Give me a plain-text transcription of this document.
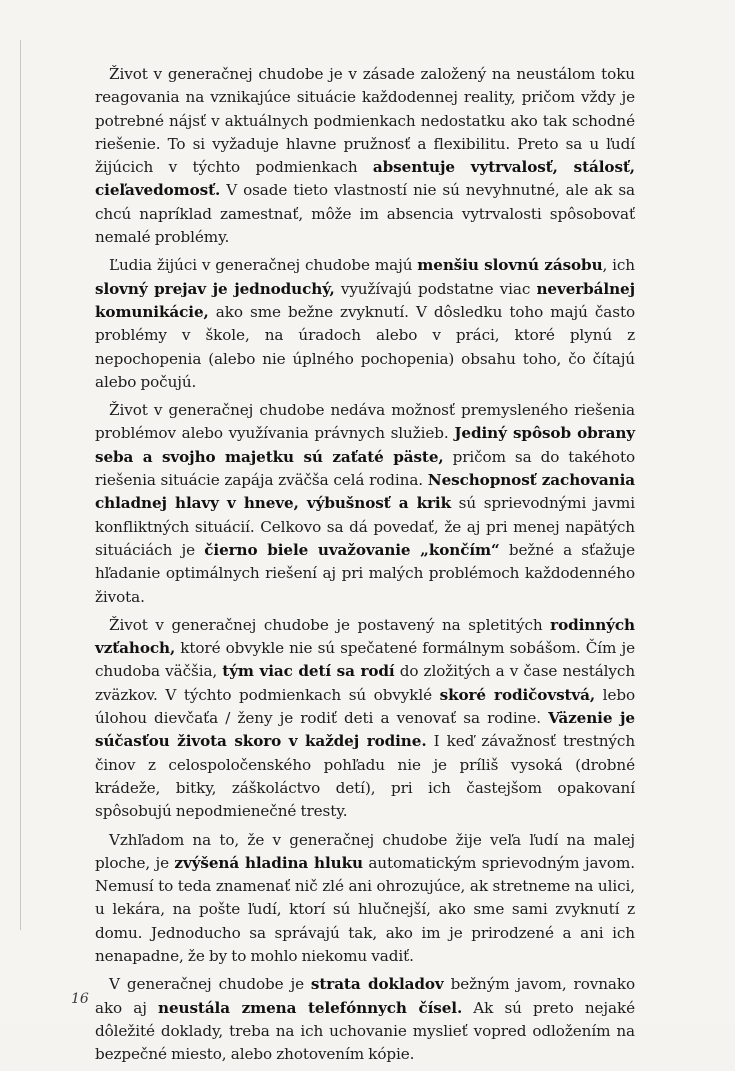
Život v generačnej chudobe je v zásade založený na neustálom toku reagovania na vznikajúce situácie každodennej reality, pričom vždy je potrebné nájsť v aktuálnych podmienkach nedostatku ako tak schodné riešenie. To si vyžaduje hlavne pružnosť a flexibilitu. Preto sa u ľudí žijúcich v týchto podmienkach absentuje vytrvalosť, stálosť, cieľavedomosť. V osade tieto vlastností nie sú nevyhnutné, ale ak sa chcú napríklad zamestnať, môže im absencia vytrvalosti spôsobovať nemalé problémy.

Ľudia žijúci v generačnej chudobe majú menšiu slovnú zásobu, ich slovný prejav je jednoduchý, využívajú podstatne viac neverbálnej komunikácie, ako sme bežne zvyknutí. V dôsledku toho majú často problémy v škole, na úradoch alebo v práci, ktoré plynú z nepochopenia (alebo nie úplného pochopenia) obsahu toho, čo čítajú alebo počujú.

Život v generačnej chudobe nedáva možnosť premysleného riešenia problémov alebo využívania právnych služieb. Jediný spôsob obrany seba a svojho majetku sú zaťaté päste, pričom sa do takéhoto riešenia situácie zapája zväčša celá rodina. Neschopnosť zachovania chladnej hlavy v hneve, výbušnosť a krik sú sprievodnými javmi konfliktných situácií. Celkovo sa dá povedať, že aj pri menej napätých situáciách je čierno biele uvažovanie „končím“ bežné a sťažuje hľadanie optimálnych riešení aj pri malých problémoch každodenného života.

Život v generačnej chudobe je postavený na spletitých rodinných vzťahoch, ktoré obvykle nie sú spečatené formálnym sobášom. Čím je chudoba väčšia, tým viac detí sa rodí do zložitých a v čase nestálych zväzkov. V týchto podmienkach sú obvyklé skoré rodičovstvá, lebo úlohou dievčaťa / ženy je rodiť deti a venovať sa rodine. Väzenie je súčasťou života skoro v každej rodine. I keď závažnosť trestných činov z celospoločenského pohľadu nie je príliš vysoká (drobné krádeže, bitky, záškoláctvo detí), pri ich častejšom opakovaní spôsobujú nepodmienečné tresty.

Vzhľadom na to, že v generačnej chudobe žije veľa ľudí na malej ploche, je zvýšená hladina hluku automatickým sprievodným javom. Nemusí to teda znamenať nič zlé ani ohrozujúce, ak stretneme na ulici, u lekára, na pošte ľudí, ktorí sú hlučnejší, ako sme sami zvyknutí z domu. Jednoducho sa správajú tak, ako im je prirodzené a ani ich nenapadne, že by to mohlo niekomu vadiť.

V generačnej chudobe je strata dokladov bežným javom, rovnako ako aj neustála zmena telefónnych čísel. Ak sú preto nejaké dôležité doklady, treba na ich uchovanie myslieť vopred odložením na bezpečné miesto, alebo zhotovením kópie.

16
